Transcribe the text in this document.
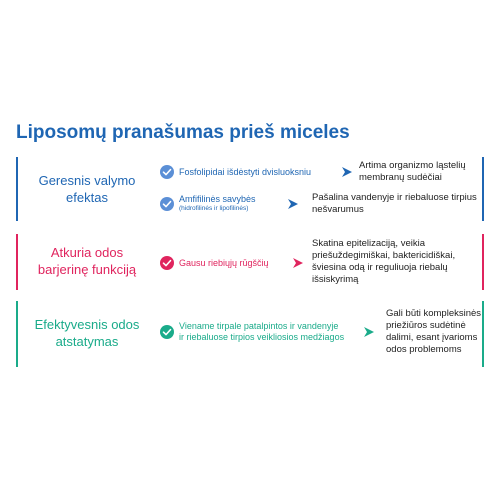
Liposomų pranašumas prieš miceles
Geresnis valymo
efektas
Fosfolipidai išdėstyti dvisluoksniu
Artima organizmo ląstelių
membranų sudėčiai
Amfifilinės savybės
(hidrofilinės ir lipofilinės)
Pašalina vandenyje ir riebaluose tirpius
nešvarumus
Atkuria odos
barjerinę funkciją	Gausu riebiųjų rūgščių
Skatina epitelizaciją, veikia
priešuždegimiškai, baktericidiškai,
šviesina odą ir reguliuoja riebalų
išsiskyrimą
Efektyvesnis odos
atstatymas
Viename tirpale patalpintos ir vandenyje
ir riebaluose tirpios veikliosios medžiagos
Gali būti kompleksinės
priežiūros sudėtinė
dalimi, esant įvarioms
odos problemoms
